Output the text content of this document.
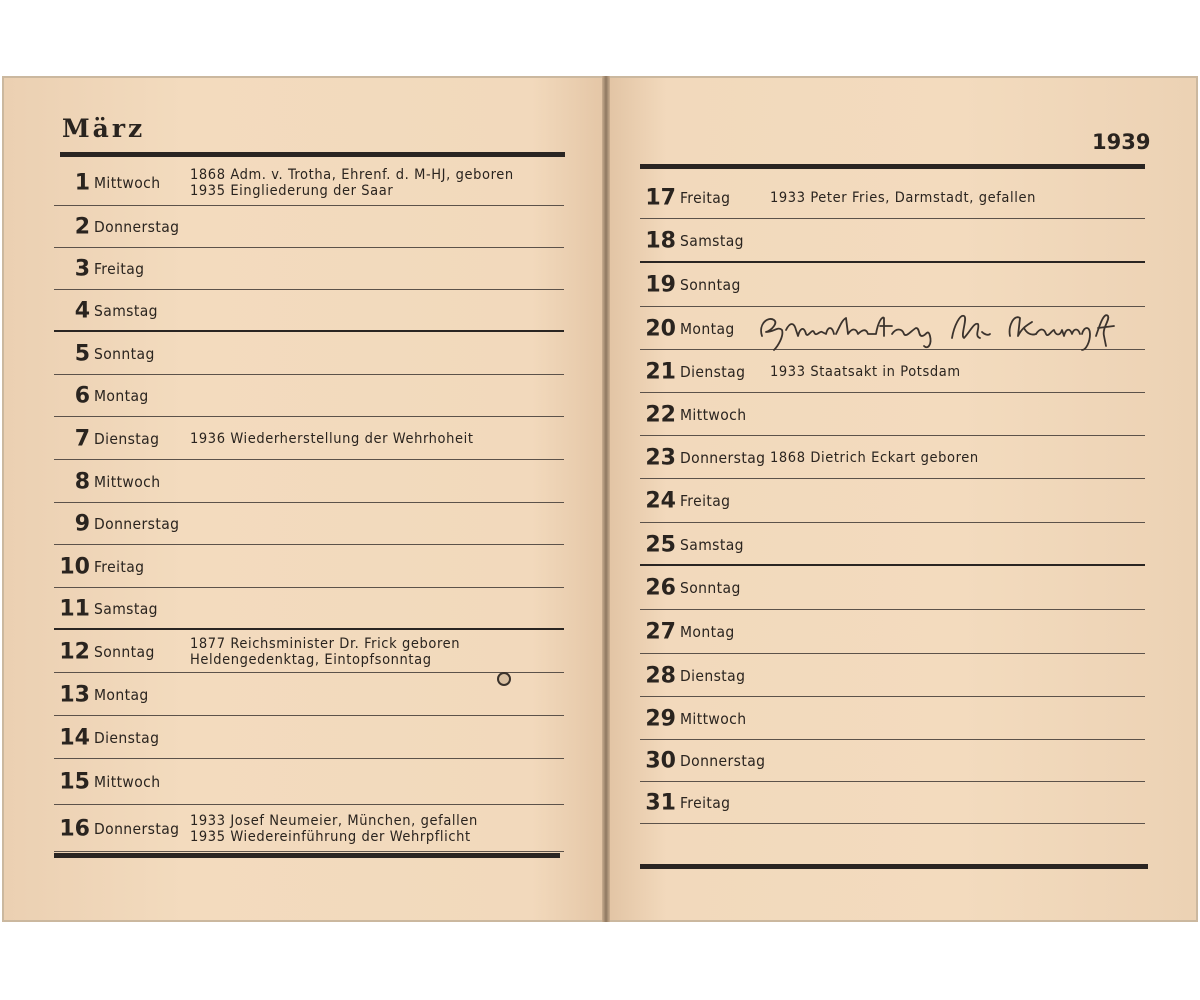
März	1939
1 Mittwoch 1868 Adm. v. Trotha, Ehrenf. d. M-HJ, geboren
1935 Eingliederung der Saar
2 Donnerstag
3 Freitag
4 Samstag
5 Sonntag
6 Montag
7 Dienstag 1936 Wiederherstellung der Wehrhoheit
8 Mittwoch
9 Donnerstag
10 Freitag
11 Samstag
12 Sonntag 1877 Reichsminister Dr. Frick geboren
Heldengedenktag, Eintopfsonntag
13 Montag
14 Dienstag
15 Mittwoch
16 Donnerstag 1933 Josef Neumeier, München, gefallen
1935 Wiedereinführung der Wehrpflicht
17 Freitag	1933 Peter Fries, Darmstadt, gefallen
18 Samstag
19 Sonntag
20 Montag
21 Dienstag 1933 Staatsakt in Potsdam
22 Mittwoch
23 Donnerstag 1868 Dietrich Eckart geboren
24 Freitag
25 Samstag
26 Sonntag
27 Montag
28 Dienstag
29 Mittwoch
30 Donnerstag
31 Freitag
